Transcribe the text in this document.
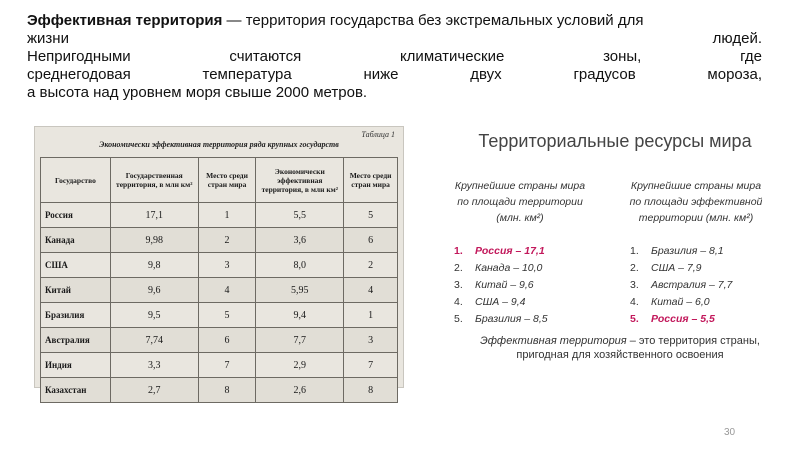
Эффективная территория
— территория государства без экстремальных условий для
жизни	людей.
Непригодными	считаются	климатические	зоны,	где
среднегодовая	температура	ниже	двух	градусов	мороза,
а высота над уровнем моря свыше 2000 метров.
Таблица 1
Экономически эффективная территория ряда крупных государств
Государство	Государственная территория, в млн км²	Место среди стран мира	Экономически эффективная территория, в млн км²	Место среди стран мира
Россия	17,1	1	5,5	5
Канада	9,98	2	3,6	6
США	9,8	3	8,0	2
Китай	9,6	4	5,95	4
Бразилия	9,5	5	9,4	1
Австралия	7,74	6	7,7	3
Индия	3,3	7	2,9	7
Казахстан	2,7	8	2,6	8
Территориальные ресурсы мира
Крупнейшие страны мира
по площади территории
(млн. км²)
Крупнейшие страны мира
по площади эффективной
территории (млн. км²)
1. Россия – 17,1
2. Канада – 10,0
3. Китай – 9,6
4. США – 9,4
5. Бразилия – 8,5
1. Бразилия – 8,1
2. США – 7,9
3. Австралия – 7,7
4. Китай – 6,0
5. Россия – 5,5
Эффективная территория – это территория страны,
пригодная для хозяйственного освоения
30
